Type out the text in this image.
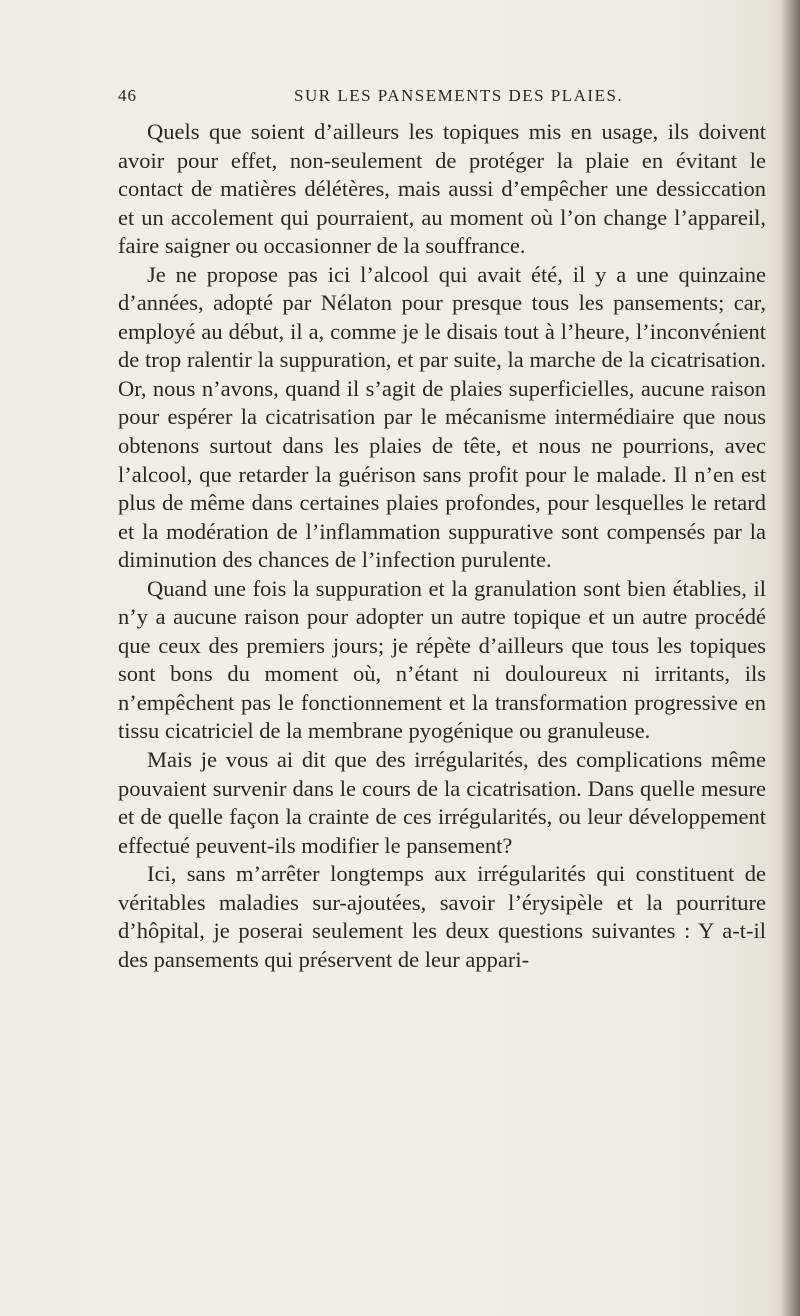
46	SUR LES PANSEMENTS DES PLAIES.

Quels que soient d’ailleurs les topiques mis en usage, ils doivent avoir pour effet, non-seulement de protéger la plaie en évitant le contact de matières délétères, mais aussi d’empêcher une dessiccation et un accolement qui pourraient, au moment où l’on change l’appareil, faire saigner ou occasionner de la souffrance.

Je ne propose pas ici l’alcool qui avait été, il y a une quinzaine d’années, adopté par Nélaton pour presque tous les pansements; car, employé au début, il a, comme je le disais tout à l’heure, l’inconvénient de trop ralentir la suppuration, et par suite, la marche de la cicatrisation. Or, nous n’avons, quand il s’agit de plaies superficielles, aucune raison pour espérer la cicatrisation par le mécanisme intermédiaire que nous obtenons surtout dans les plaies de tête, et nous ne pourrions, avec l’alcool, que retarder la guérison sans profit pour le malade. Il n’en est plus de même dans certaines plaies profondes, pour lesquelles le retard et la modération de l’inflammation suppurative sont compensés par la diminution des chances de l’infection purulente.

Quand une fois la suppuration et la granulation sont bien établies, il n’y a aucune raison pour adopter un autre topique et un autre procédé que ceux des premiers jours; je répète d’ailleurs que tous les topiques sont bons du moment où, n’étant ni douloureux ni irritants, ils n’empêchent pas le fonctionnement et la transformation progressive en tissu cicatriciel de la membrane pyogénique ou granuleuse.

Mais je vous ai dit que des irrégularités, des complications même pouvaient survenir dans le cours de la cicatrisation. Dans quelle mesure et de quelle façon la crainte de ces irrégularités, ou leur développement effectué peuvent-ils modifier le pansement?

Ici, sans m’arrêter longtemps aux irrégularités qui constituent de véritables maladies sur-ajoutées, savoir l’érysipèle et la pourriture d’hôpital, je poserai seulement les deux questions suivantes : Y a-t-il des pansements qui préservent de leur appari-
